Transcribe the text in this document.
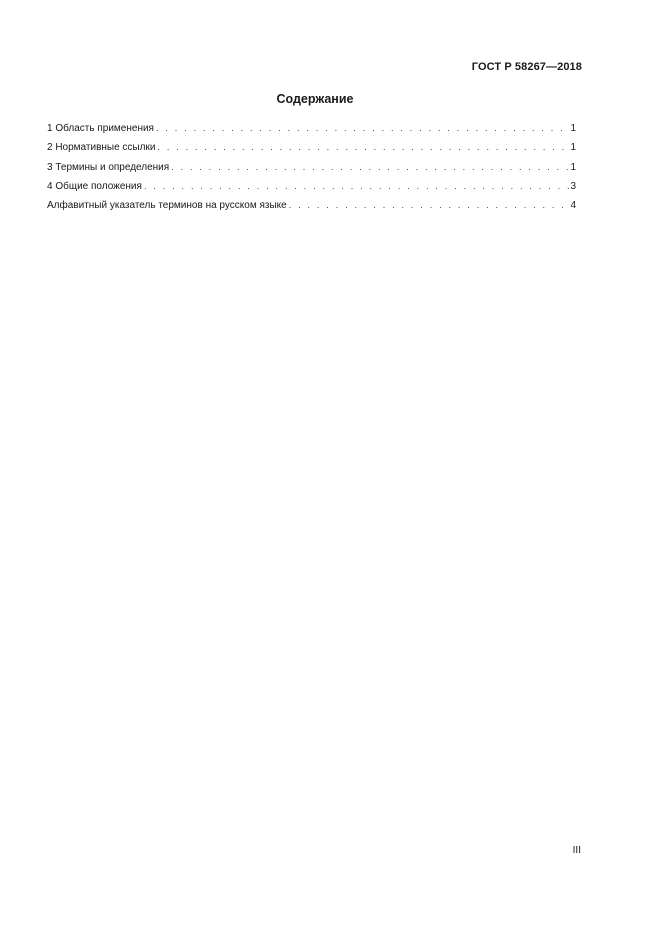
ГОСТ Р 58267—2018
Содержание
1 Область применения . . .	1
2 Нормативные ссылки . . .	1
3 Термины и определения . . .	1
4 Общие положения . . .	3
Алфавитный указатель терминов на русском языке . . .	4
III
